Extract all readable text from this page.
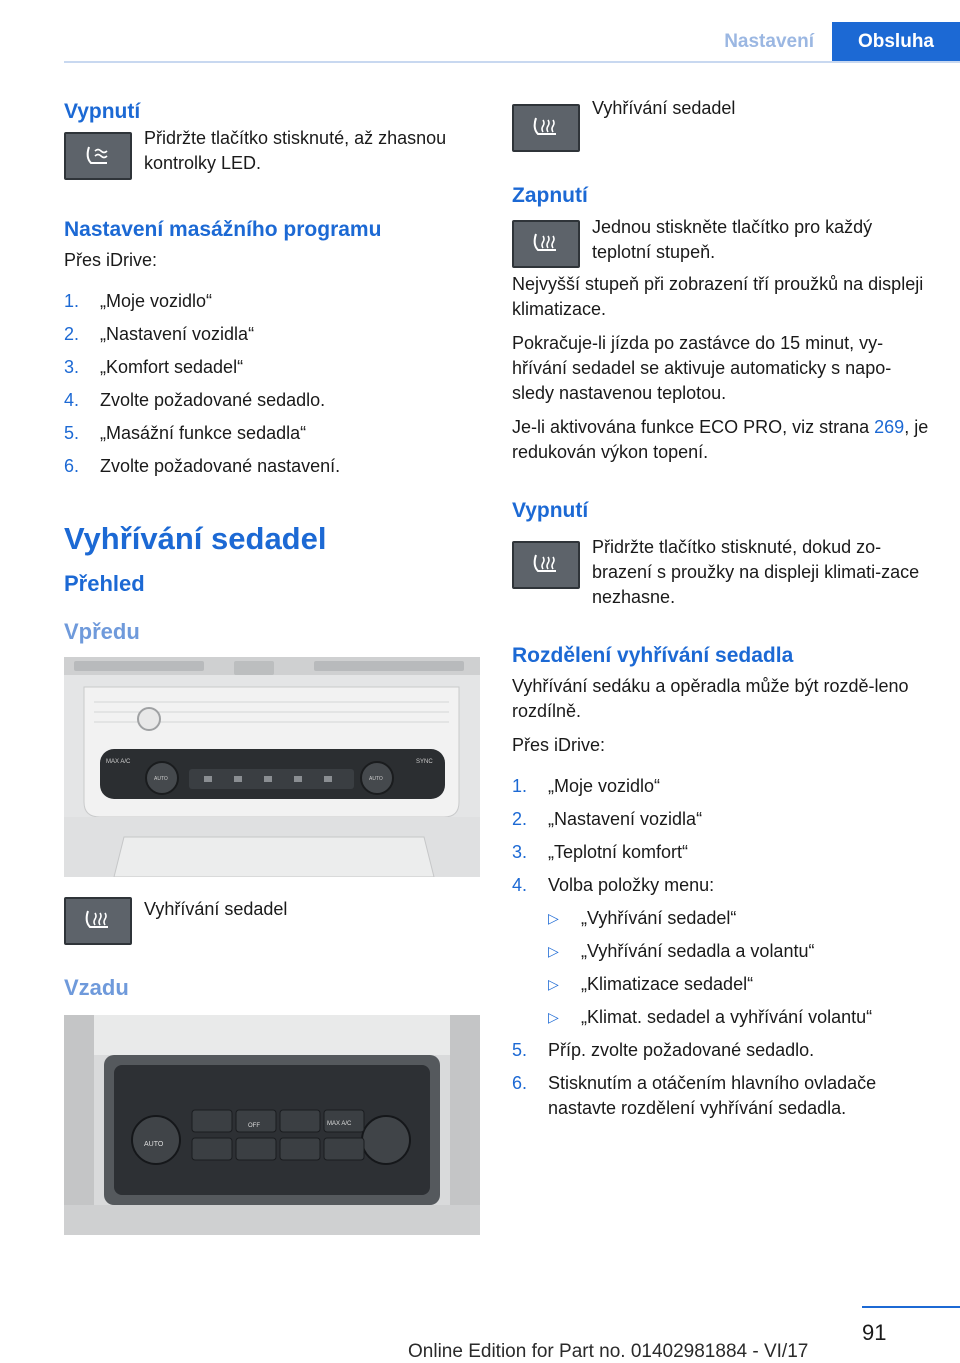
Nastavení	Obsluha
Vypnutí

Přidržte tlačítko stisknuté, až zhasnou kontrolky LED.

Nastavení masážního programu

Přes iDrive:

1.	„Moje vozidlo“
2.	„Nastavení vozidla“
3.	„Komfort sedadel“
4.	Zvolte požadované sedadlo.
5.	„Masážní funkce sedadla“
6.	Zvolte požadované nastavení.
Vyhřívání sedadel
Přehled
Vpředu
MAX A/C
AUTO	AUTO
SYNC

Vyhřívání sedadel

Vzadu
AUTO
OFF	MAX A/C

Vyhřívání sedadel

Zapnutí

Jednou stiskněte tlačítko pro každý teplotní stupeň.

Nejvyšší stupeň při zobrazení tří proužků na displeji klimatizace.

Pokračuje-li jízda po zastávce do 15 minut, vy-hřívání sedadel se aktivuje automaticky s napo-sledy nastavenou teplotou.

Je-li aktivována funkce ECO PRO, viz strana 269, je redukován výkon topení.

Vypnutí

Přidržte tlačítko stisknuté, dokud zo-brazení s proužky na displeji klimati-zace nezhasne.

Rozdělení vyhřívání sedadla

Vyhřívání sedáku a opěradla může být rozdě-leno rozdílně.

Přes iDrive:

1.	„Moje vozidlo“
2.	„Nastavení vozidla“
3.	„Teplotní komfort“
4.	Volba položky menu:
▷	„Vyhřívání sedadel“
▷	„Vyhřívání sedadla a volantu“
▷	„Klimatizace sedadel“
▷	„Klimat. sedadel a vyhřívání volantu“
5.	Příp. zvolte požadované sedadlo.
6.	Stisknutím a otáčením hlavního ovladače nastavte rozdělení vyhřívání sedadla.
91
Online Edition for Part no. 01402981884 - VI/17
